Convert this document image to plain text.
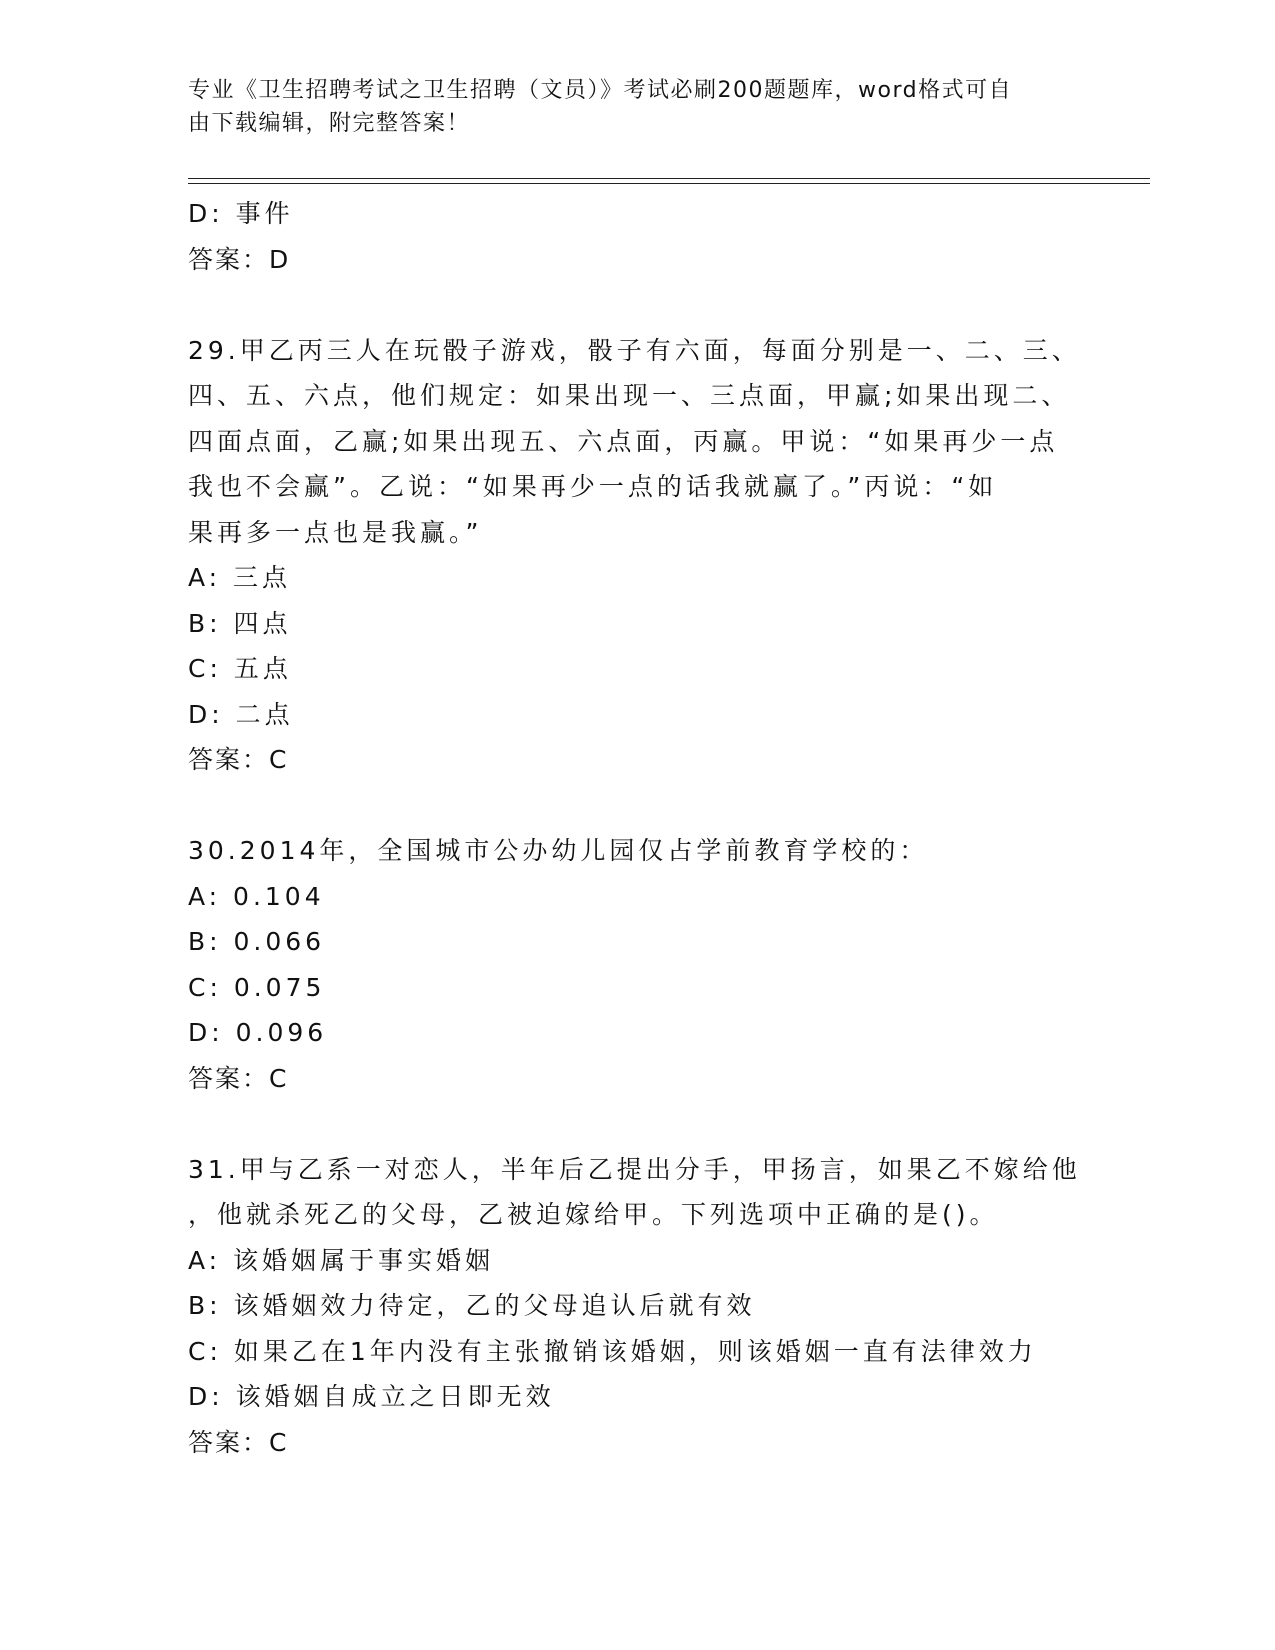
专业《卫生招聘考试之卫生招聘（文员）》考试必刷200题题库，word格式可自
由下载编辑，附完整答案！
D: 事件
答案：D
29.甲乙丙三人在玩骰子游戏，骰子有六面，每面分别是一、二、三、
四、五、六点，他们规定：如果出现一、三点面，甲赢;如果出现二、
四面点面，乙赢;如果出现五、六点面，丙赢。甲说：“如果再少一点
我也不会赢”。乙说：“如果再少一点的话我就赢了。”丙说：“如
果再多一点也是我赢。”
A: 三点
B: 四点
C: 五点
D: 二点
答案：C
30.2014年，全国城市公办幼儿园仅占学前教育学校的：
A: 0.104
B: 0.066
C: 0.075
D: 0.096
答案：C
31.甲与乙系一对恋人，半年后乙提出分手，甲扬言，如果乙不嫁给他
，他就杀死乙的父母，乙被迫嫁给甲。下列选项中正确的是()。
A: 该婚姻属于事实婚姻
B: 该婚姻效力待定，乙的父母追认后就有效
C: 如果乙在1年内没有主张撤销该婚姻，则该婚姻一直有法律效力
D: 该婚姻自成立之日即无效
答案：C
